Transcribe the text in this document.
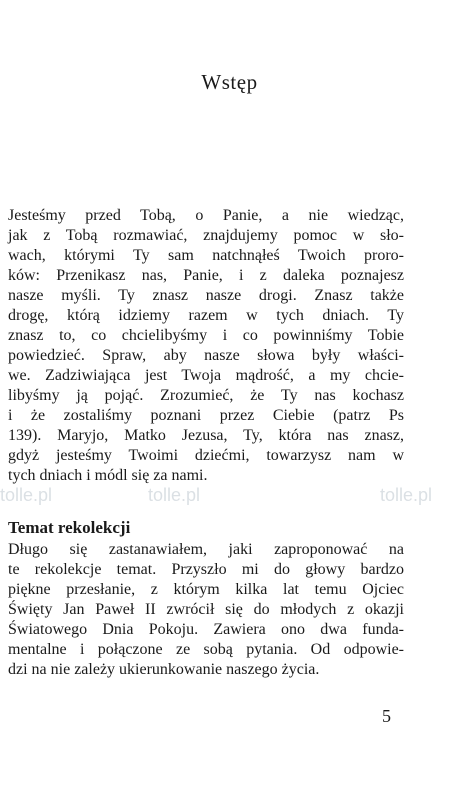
Wstęp
Jesteśmy przed Tobą, o Panie, a nie wiedząc,
jak z Tobą rozmawiać, znajdujemy pomoc w sło-
wach, którymi Ty sam natchnąłeś Twoich proro-
ków: Przenikasz nas, Panie, i z daleka poznajesz
nasze myśli. Ty znasz nasze drogi. Znasz także
drogę, którą idziemy razem w tych dniach. Ty
znasz to, co chcielibyśmy i co powinniśmy Tobie
powiedzieć. Spraw, aby nasze słowa były właści-
we. Zadziwiająca jest Twoja mądrość, a my chcie-
libyśmy ją pojąć. Zrozumieć, że Ty nas kochasz
i że zostaliśmy poznani przez Ciebie (patrz Ps
139). Maryjo, Matko Jezusa, Ty, która nas znasz,
gdyż jesteśmy Twoimi dziećmi, towarzysz nam w
tych dniach i módl się za nami.
tolle.pl	tolle.pl	tolle.pl
Temat rekolekcji
Długo się zastanawiałem, jaki zaproponować na
te rekolekcje temat. Przyszło mi do głowy bardzo
piękne przesłanie, z którym kilka lat temu Ojciec
Święty Jan Paweł II zwrócił się do młodych z okazji
Światowego Dnia Pokoju. Zawiera ono dwa funda-
mentalne i połączone ze sobą pytania. Od odpowie-
dzi na nie zależy ukierunkowanie naszego życia.
5
